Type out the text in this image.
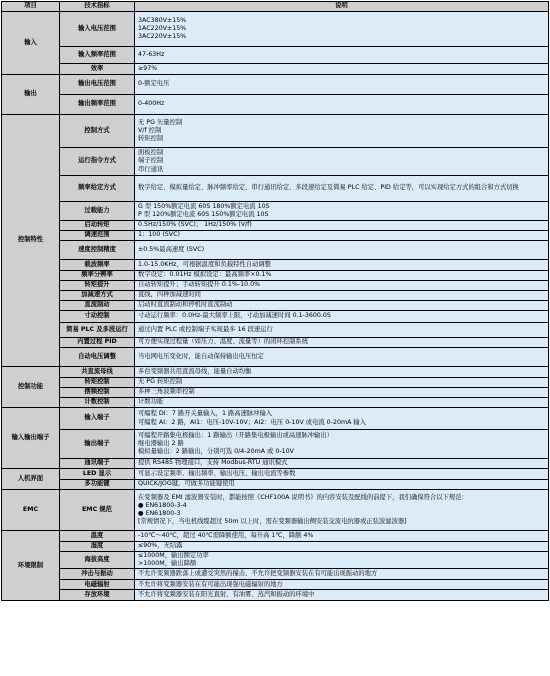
项目	技术指标	说明
输入	输入电压范围	3AC380V±15%
1AC220V±15%
3AC220V±15%

	输入频率范围	47-63Hz

	效率	≥97%

输出	输出电压范围	0-额定电压

	输出频率范围	0-400Hz

控制特性	控制方式	无 PG 矢量控制
V/f 控制
转矩控制

	运行指令方式	面板控制
端子控制
串行通讯

	频率给定方式	数字给定、模拟量给定、脉冲频率给定、串行通讯给定、多段速给定及简易 PLC 给定、PID 给定等，可以实现给定方式的组合和方式切换

	过载能力	G 型 150%额定电流 60S 180%额定电流 10S
P 型 120%额定电流 60S 150%额定电流 10S

	启动转矩	0.5Hz/150% (SVC)； 1Hz/150% (V/f)

	调速范围	1：100 (SVC)

	速度控制精度	±0.5%最高速度 (SVC)

	载波频率	1.0-15.0KHz，可根据温度和负载特性自动调整

	频率分辨率	数字设定：0.01Hz 模拟设定：最高频率×0.1%

	转矩提升	自动转矩提升；手动转矩提升 0.1%-10.0%

	加减速方式	直线，四种加减速时间

	直流制动	启动时直流制动和停机时直流制动

	寸动控制	寸动运行频率：0.0Hz-最大频率上限，寸动加减速时间 0.1-3600.0S

	简易 PLC 及多段运行	通过内置 PLC 或控制端子实现最多 16 段速运行

	内置过程 PID	可方便实现过程量（如压力、温度、流量等）的闭环控制系统

	自动电压调整	当电网电压变化时，能自动保持输出电压恒定

控制功能	共直流母线	多台变频器共用直流母线，能量自动均衡

	转矩控制	无 PG 转矩控制

	摆频控制	多种三角波频率控制

	计数控制	计数功能

输入输出端子	输入端子	可编程 DI：7 路开关量输入，1 路高速脉冲输入
可编程 AI：2 路，AI1：电压-10V-10V；AI2：电压 0-10V 或电流 0-20mA 输入

	输出端子	可编程开路集电极输出：1 路输出（开路集电极输出或高速脉冲输出）
继电器输出 2 路
模拟量输出：2 路输出，分别可选 0/4-20mA 或 0-10V

	通讯端子	提供 RS485 物理接口，支持 Modbus-RTU 通讯模式

人机界面	LED 显示	可显示设定频率、输出频率、输出电压、输出电流等参数

	多功能键	QUICK/JOG键，可做多功能键使用

EMC	EMC 规范	在变频器及 EMI 滤波器安装时，都能按照《CHF100A 说明书》的内容安装及配线的前提下，我们确保符合以下规范：
● EN61800-3-4
● EN61800-3
[常规情况下，当电机线缆超过 50m 以上时，需在变频器输出侧安装交流电抗器或正弦波滤波器]

环境限制	温度	-10℃～40℃，超过 40℃需降额使用，每升高 1℃，降额 4%

	湿度	≤90%，无结露

	海拔高度	≤1000M，输出额定功率
>1000M，输出降额

	冲击与振动	不允许变频器跌落上或遭受突然的撞击、不允许把变频器安装在有可能出现振动的地方

	电磁辐射	不允许将变频器安装在有可能出现强电磁辐射的地方

	存放环境	不允许将变频器安装在阳光直射、有油雾、蒸汽和振动的环境中
